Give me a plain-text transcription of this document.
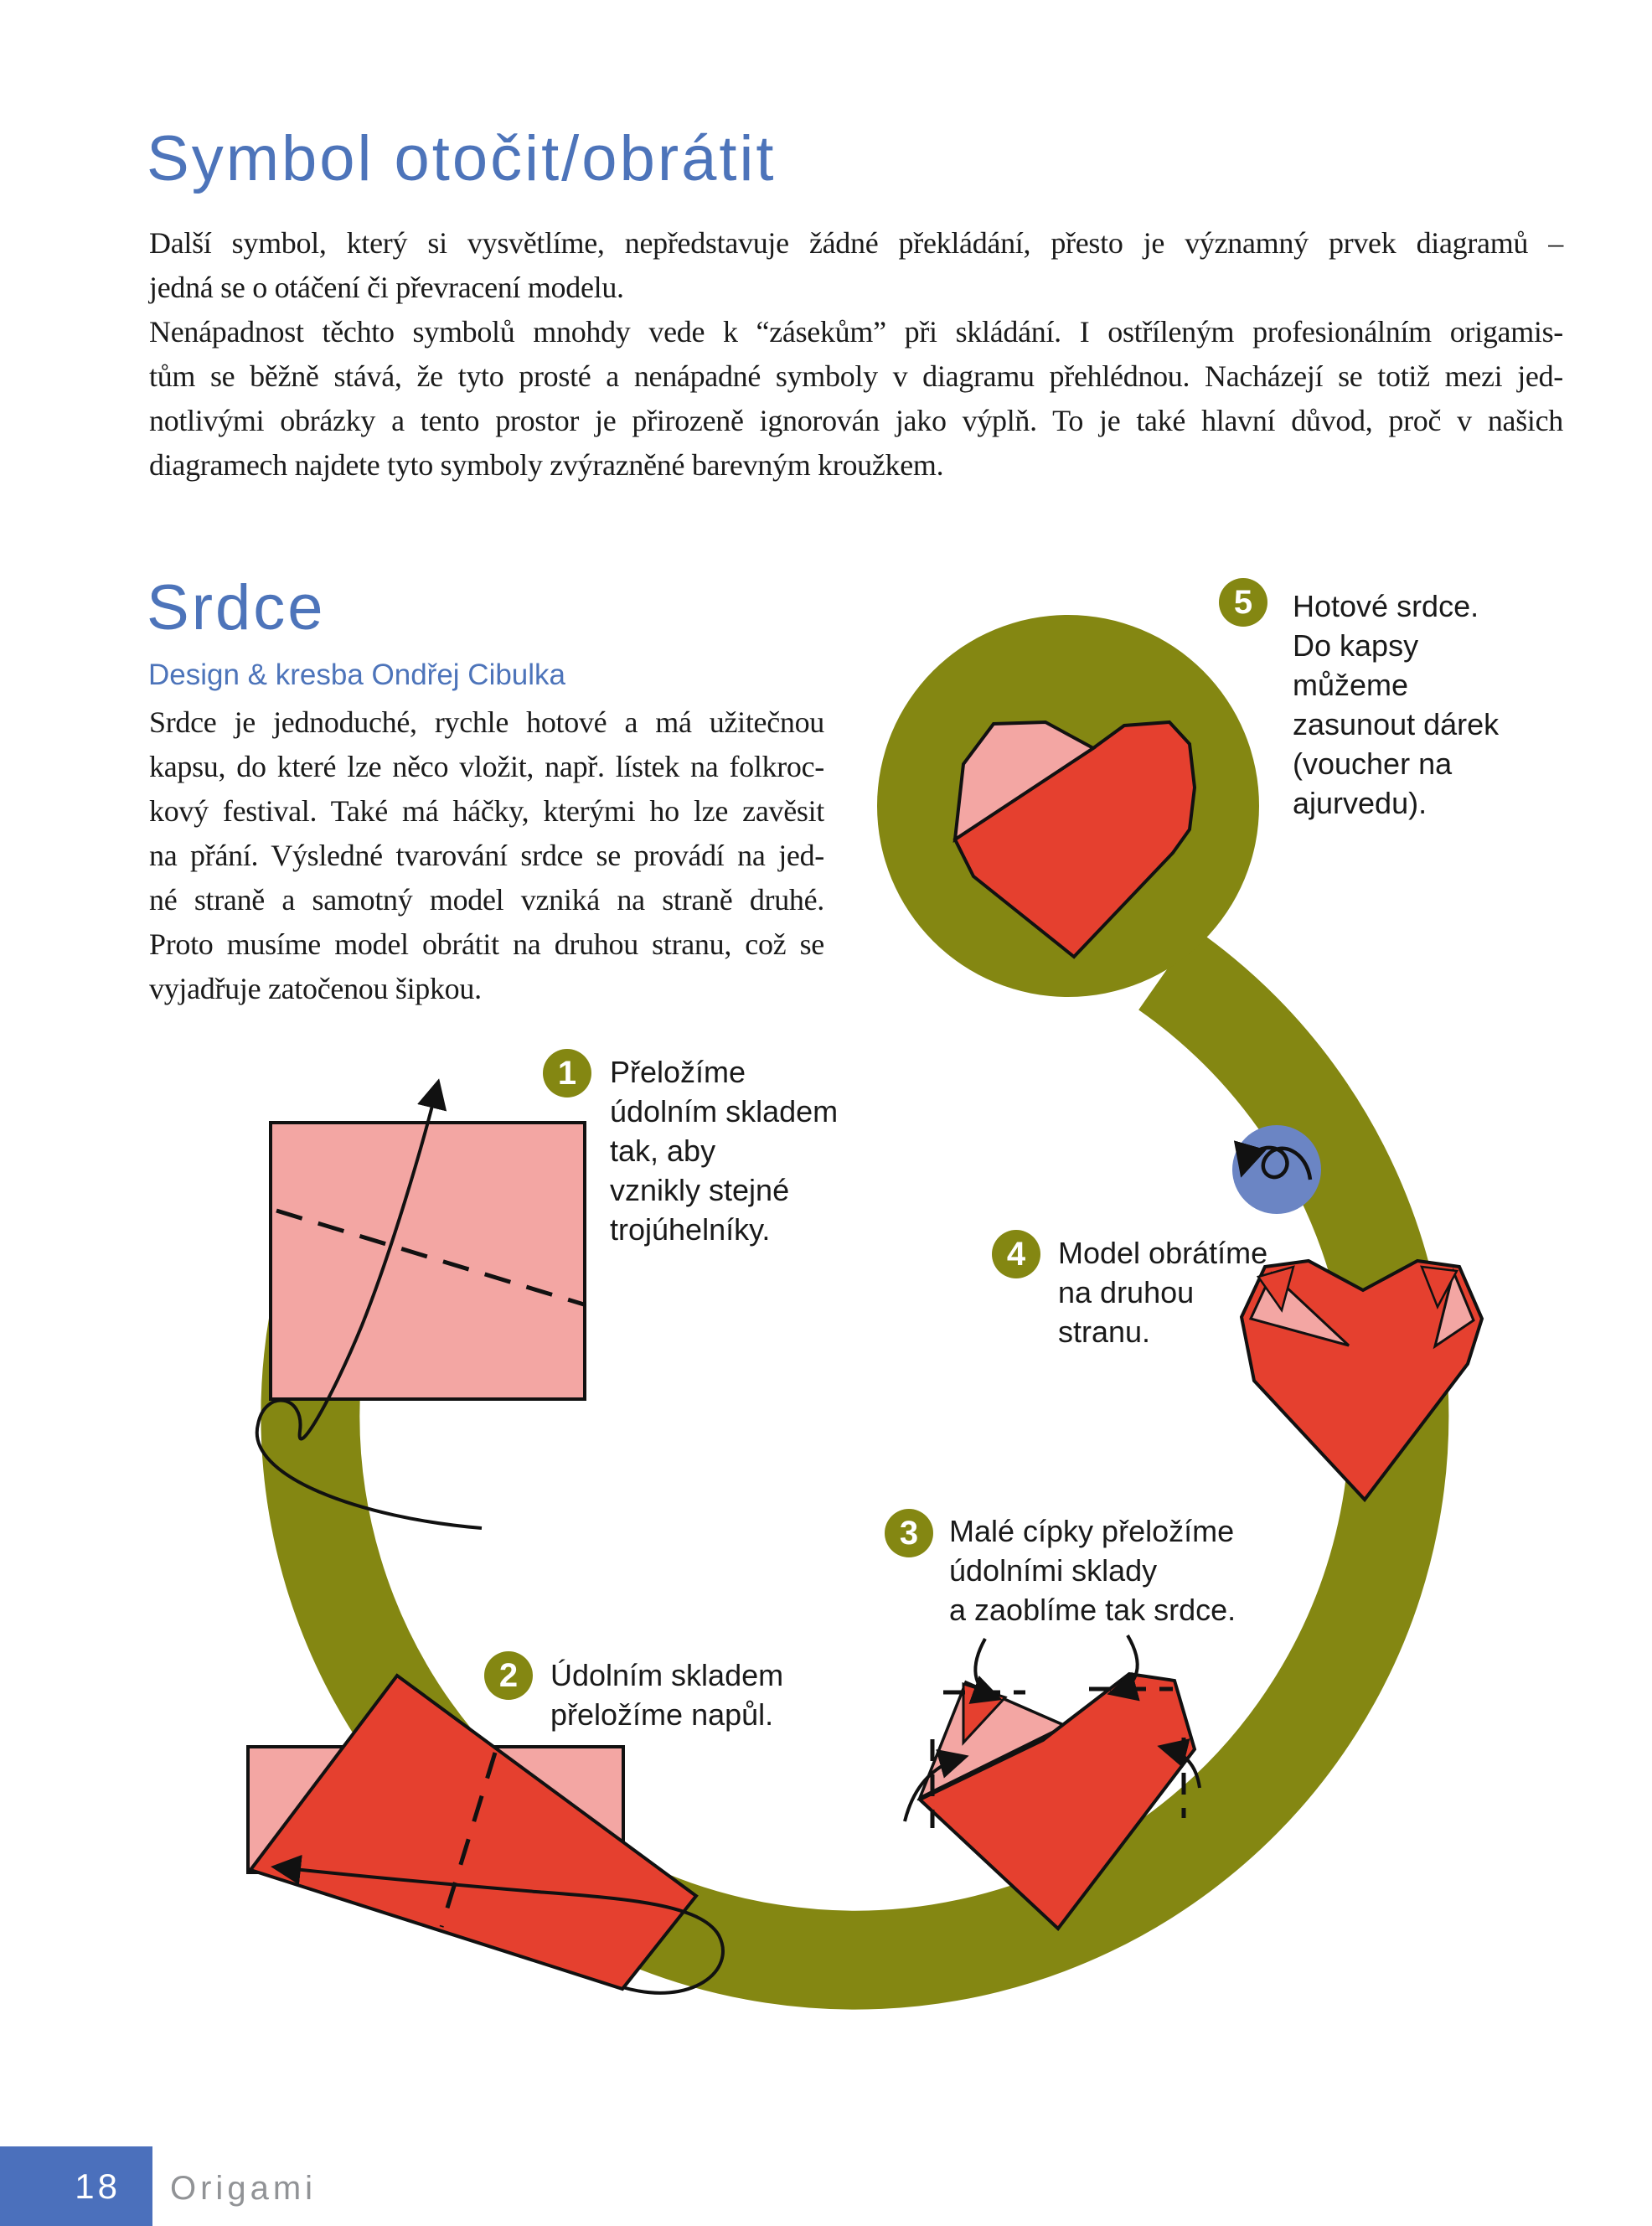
Symbol otočit/obrátit
Další symbol, který si vysvětlíme, nepředstavuje žádné překládání, přesto je významný prvek diagramů –
jedná se o otáčení či převracení modelu.
Nenápadnost těchto symbolů mnohdy vede k “zásekům” při skládání. I ostříleným profesionálním origamis-
tům se běžně stává, že tyto prosté a nenápadné symboly v diagramu přehlédnou. Nacházejí se totiž mezi jed-
notlivými obrázky a tento prostor je přirozeně ignorován jako výplň. To je také hlavní důvod, proč v našich
diagramech najdete tyto symboly zvýrazněné barevným kroužkem.
Srdce
Design & kresba Ondřej Cibulka
Srdce je jednoduché, rychle hotové a má užitečnou
kapsu, do které lze něco vložit, např. lístek na folkroc-
kový festival. Také má háčky, kterými ho lze zavěsit
na přání. Výsledné tvarování srdce se provádí na jed-
né straně a samotný model vzniká na straně druhé.
Proto musíme model obrátit na druhou stranu, což se
vyjadřuje zatočenou šipkou.
1
2
3
4
5
Přeložíme
údolním skladem
tak, aby
vznikly stejné
trojúhelníky.
Údolním skladem
přeložíme napůl.
Malé cípky přeložíme
údolními sklady
a zaoblíme tak srdce.
Model obrátíme
na druhou
stranu.
Hotové srdce.
Do kapsy
můžeme
zasunout dárek
(voucher na
ajurvedu).
18 Origami
